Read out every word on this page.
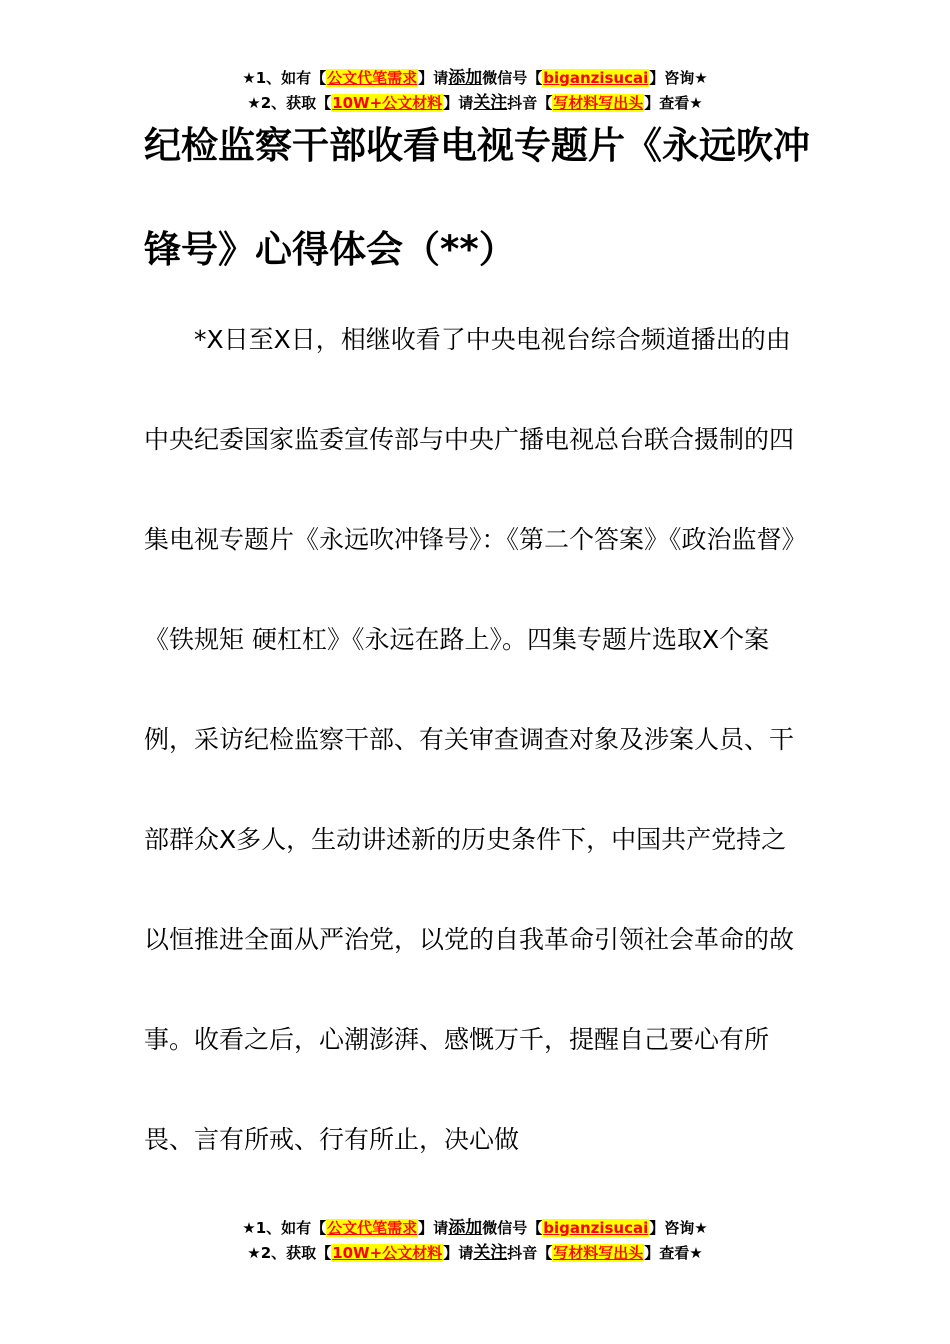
★1、如有【公文代笔需求】请添加微信号【biganzisucai】咨询★
★2、获取【10W+公文材料】请关注抖音【写材料写出头】查看★
纪检监察干部收看电视专题片《永远吹冲锋号》心得体会（**）

*X日至X日，相继收看了中央电视台综合频道播出的由中央纪委国家监委宣传部与中央广播电视总台联合摄制的四集电视专题片《永远吹冲锋号》：《第二个答案》《政治监督》《铁规矩 硬杠杠》《永远在路上》。四集专题片选取X个案例，采访纪检监察干部、有关审查调查对象及涉案人员、干部群众X多人，生动讲述新的历史条件下，中国共产党持之以恒推进全面从严治党，以党的自我革命引领社会革命的故事。收看之后，心潮澎湃、感慨万千，提醒自己要心有所畏、言有所戒、行有所止，决心做

★1、如有【公文代笔需求】请添加微信号【biganzisucai】咨询★
★2、获取【10W+公文材料】请关注抖音【写材料写出头】查看★
